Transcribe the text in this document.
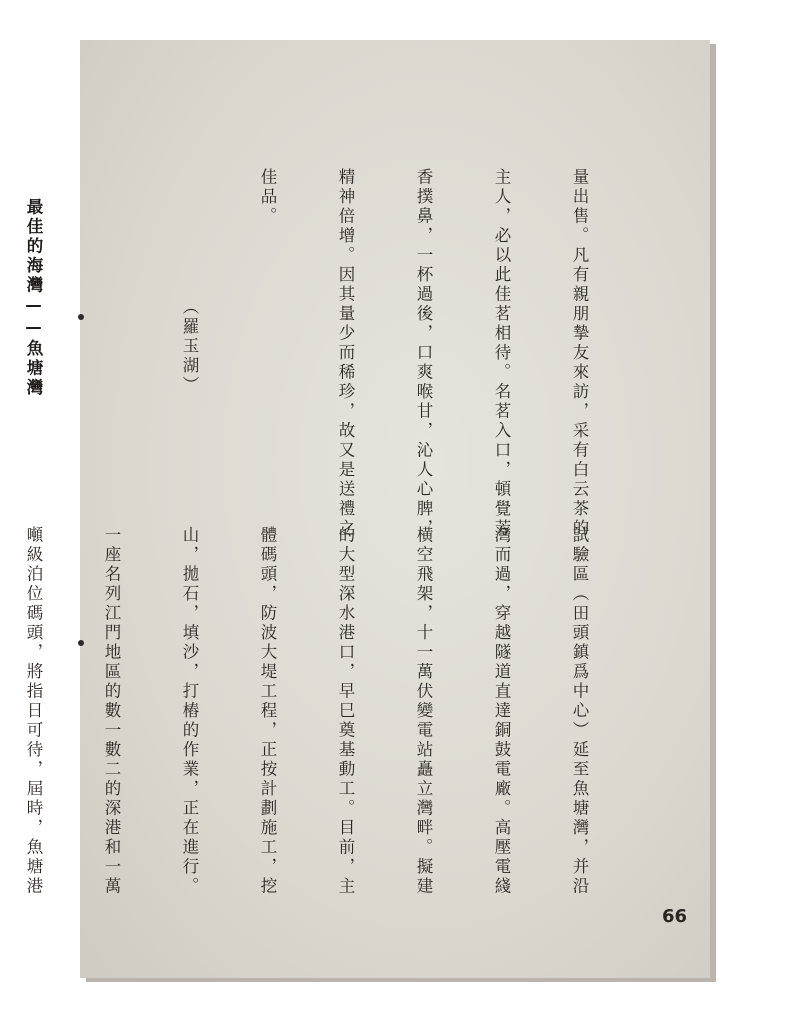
量出售。凡有親朋摯友來訪，采有白云茶的

主人，必以此佳茗相待。名茗入口，頓覺芳

香撲鼻，一杯過後，口爽喉甘，沁人心脾，

精神倍增。因其量少而稀珍，故又是送禮之

佳品。

（羅玉湖）

最佳的海灣——魚塘灣

試驗區（田頭鎮爲中心）延至魚塘灣，并沿

灣而過，穿越隧道直達銅鼓電廠。高壓電綫

横空飛架，十一萬伏變電站矗立灣畔。擬建

的大型深水港口，早巳奠基動工。目前，主

體碼頭，防波大堤工程，正按計劃施工，挖

山，拋石，填沙，打樁的作業，正在進行。

一座名列江門地區的數一數二的深港和一萬

噸級泊位碼頭，將指日可待，屆時，魚塘港

66
